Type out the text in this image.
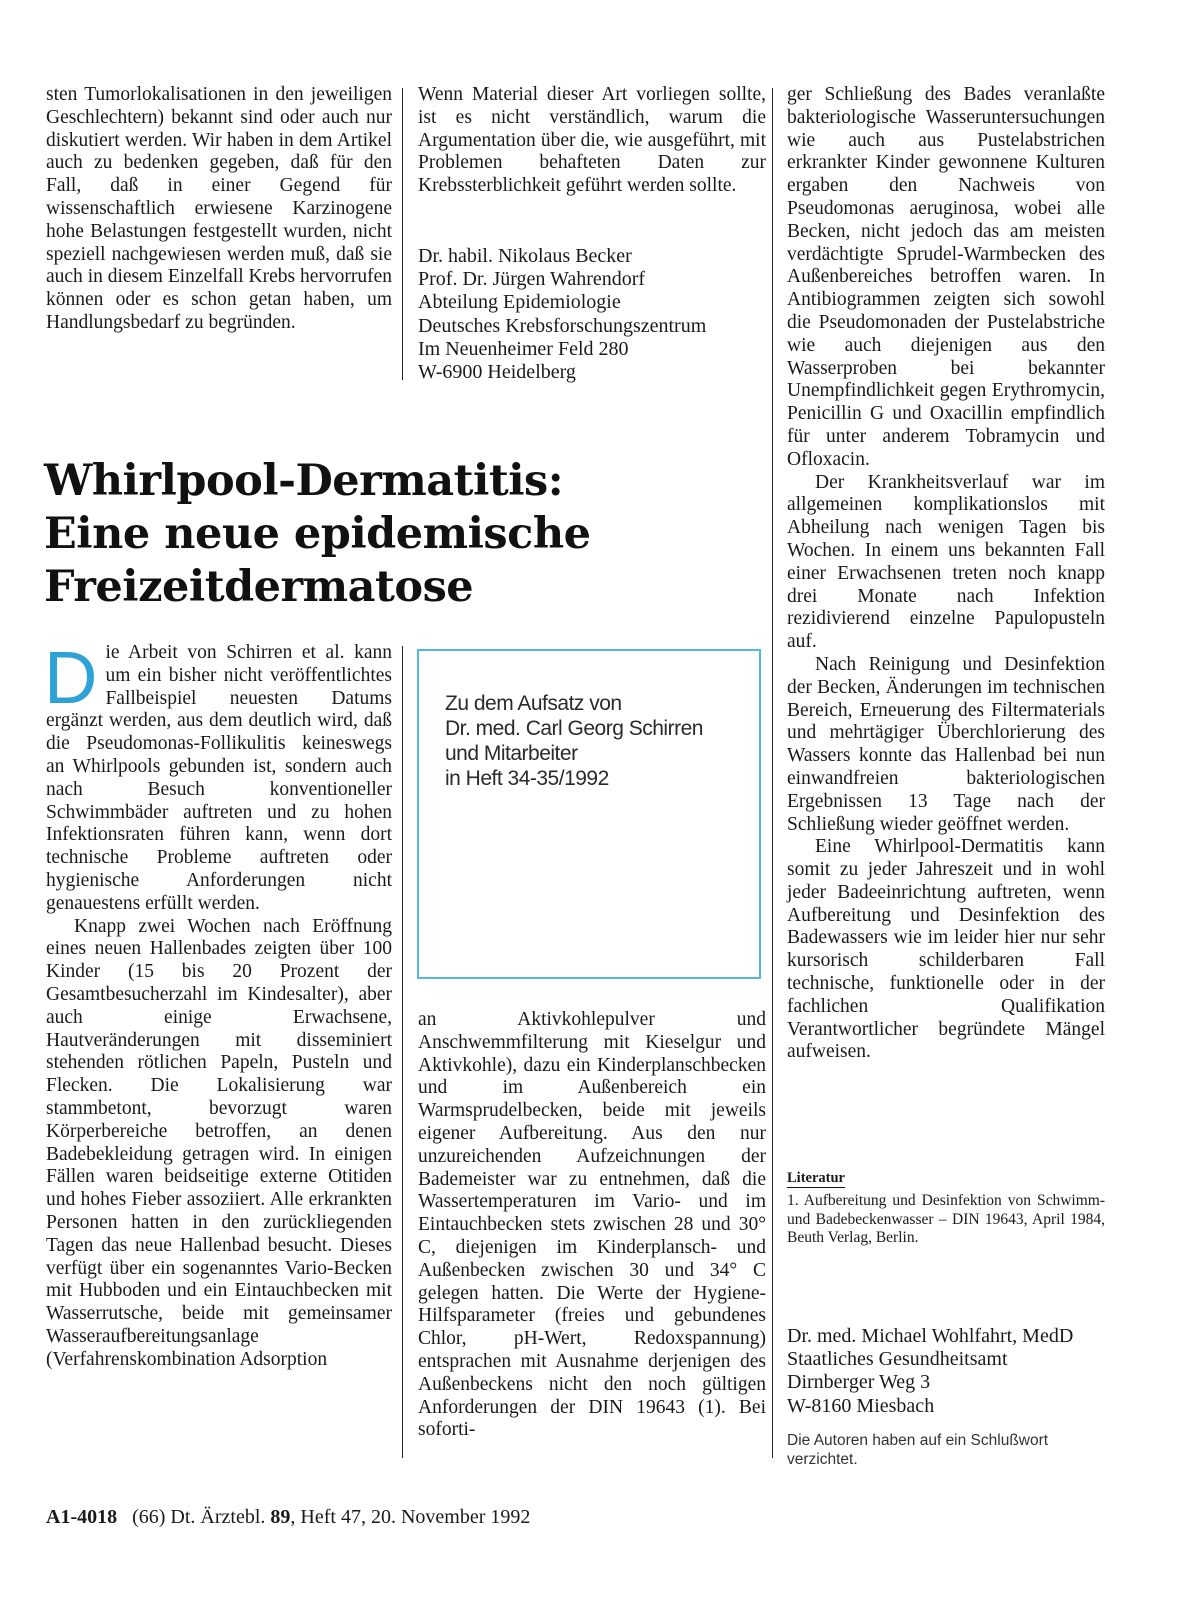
sten Tumorlokalisationen in den jeweiligen Geschlechtern) bekannt sind oder auch nur diskutiert werden. Wir haben in dem Artikel auch zu bedenken gegeben, daß für den Fall, daß in einer Gegend für wissenschaftlich erwiesene Karzinogene hohe Belastungen festgestellt wurden, nicht speziell nachgewiesen werden muß, daß sie auch in diesem Einzelfall Krebs hervorrufen können oder es schon getan haben, um Handlungsbedarf zu begründen.

Wenn Material dieser Art vorliegen sollte, ist es nicht verständlich, warum die Argumentation über die, wie ausgeführt, mit Problemen behafteten Daten zur Krebssterblichkeit geführt werden sollte.

Dr. habil. Nikolaus Becker
Prof. Dr. Jürgen Wahrendorf
Abteilung Epidemiologie
Deutsches Krebsforschungszentrum
Im Neuenheimer Feld 280
W-6900 Heidelberg

ger Schließung des Bades veranlaßte bakteriologische Wasseruntersuchungen wie auch aus Pustelabstrichen erkrankter Kinder gewonnene Kulturen ergaben den Nachweis von Pseudomonas aeruginosa, wobei alle Becken, nicht jedoch das am meisten verdächtigte Sprudel-Warmbecken des Außenbereiches betroffen waren. In Antibiogrammen zeigten sich sowohl die Pseudomonaden der Pustelabstriche wie auch diejenigen aus den Wasserproben bei bekannter Unempfindlichkeit gegen Erythromycin, Penicillin G und Oxacillin empfindlich für unter anderem Tobramycin und Ofloxacin.

Der Krankheitsverlauf war im allgemeinen komplikationslos mit Abheilung nach wenigen Tagen bis Wochen. In einem uns bekannten Fall einer Erwachsenen treten noch knapp drei Monate nach Infektion rezidivierend einzelne Papulopusteln auf.

Nach Reinigung und Desinfektion der Becken, Änderungen im technischen Bereich, Erneuerung des Filtermaterials und mehrtägiger Überchlorierung des Wassers konnte das Hallenbad bei nun einwandfreien bakteriologischen Ergebnissen 13 Tage nach der Schließung wieder geöffnet werden.

Eine Whirlpool-Dermatitis kann somit zu jeder Jahreszeit und in wohl jeder Badeeinrichtung auftreten, wenn Aufbereitung und Desinfektion des Badewassers wie im leider hier nur sehr kursorisch schilderbaren Fall technische, funktionelle oder in der fachlichen Qualifikation Verantwortlicher begründete Mängel aufweisen.

Whirlpool-Dermatitis:
Eine neue epidemische
Freizeitdermatose

Die Arbeit von Schirren et al. kann um ein bisher nicht veröffentlichtes Fallbeispiel neuesten Datums ergänzt werden, aus dem deutlich wird, daß die Pseudomonas-Follikulitis keineswegs an Whirlpools gebunden ist, sondern auch nach Besuch konventioneller Schwimmbäder auftreten und zu hohen Infektionsraten führen kann, wenn dort technische Probleme auftreten oder hygienische Anforderungen nicht genauestens erfüllt werden.

Knapp zwei Wochen nach Eröffnung eines neuen Hallenbades zeigten über 100 Kinder (15 bis 20 Prozent der Gesamtbesucherzahl im Kindesalter), aber auch einige Erwachsene, Hautveränderungen mit disseminiert stehenden rötlichen Papeln, Pusteln und Flecken. Die Lokalisierung war stammbetont, bevorzugt waren Körperbereiche betroffen, an denen Badebekleidung getragen wird. In einigen Fällen waren beidseitige externe Otitiden und hohes Fieber assoziiert. Alle erkrankten Personen hatten in den zurückliegenden Tagen das neue Hallenbad besucht. Dieses verfügt über ein sogenanntes Vario-Becken mit Hubboden und ein Eintauchbecken mit Wasserrutsche, beide mit gemeinsamer Wasseraufbereitungsanlage (Verfahrenskombination Adsorption

Zu dem Aufsatz von
Dr. med. Carl Georg Schirren
und Mitarbeiter
in Heft 34-35/1992

an Aktivkohlepulver und Anschwemmfilterung mit Kieselgur und Aktivkohle), dazu ein Kinderplanschbecken und im Außenbereich ein Warmsprudelbecken, beide mit jeweils eigener Aufbereitung. Aus den nur unzureichenden Aufzeichnungen der Bademeister war zu entnehmen, daß die Wassertemperaturen im Vario- und im Eintauchbecken stets zwischen 28 und 30° C, diejenigen im Kinderplansch- und Außenbecken zwischen 30 und 34° C gelegen hatten. Die Werte der Hygiene-Hilfsparameter (freies und gebundenes Chlor, pH-Wert, Redoxspannung) entsprachen mit Ausnahme derjenigen des Außenbeckens nicht den noch gültigen Anforderungen der DIN 19643 (1). Bei soforti-

Literatur

1. Aufbereitung und Desinfektion von Schwimm- und Badebeckenwasser – DIN 19643, April 1984, Beuth Verlag, Berlin.
Dr. med. Michael Wohlfahrt, MedD
Staatliches Gesundheitsamt
Dirnberger Weg 3
W-8160 Miesbach

Die Autoren haben auf ein Schlußwort verzichtet.

A1-4018 (66) Dt. Ärztebl. 89, Heft 47, 20. November 1992
